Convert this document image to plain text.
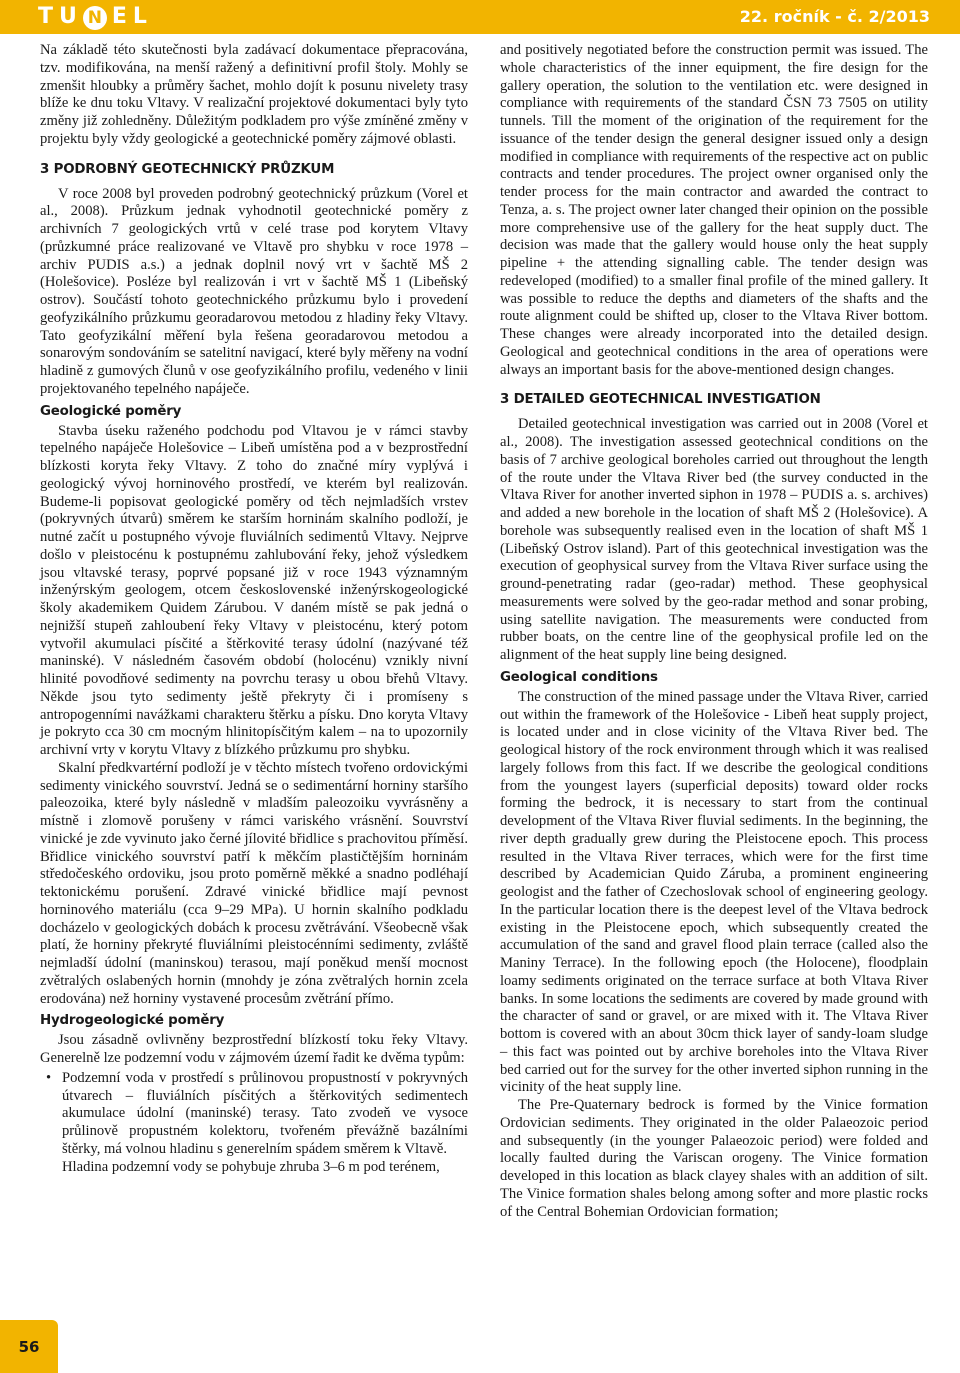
TU N EL	22. ročník - č. 2/2013

Na základě této skutečnosti byla zadávací dokumentace přepracována, tzv. modifikována, na menší ražený a definitivní profil štoly. Mohly se zmenšit hloubky a průměry šachet, mohlo dojít k posunu nivelety trasy blíže ke dnu toku Vltavy. V realizační projektové dokumentaci byly tyto změny již zohledněny. Důležitým podkladem pro výše zmíněné změny v projektu byly vždy geologické a geotechnické poměry zájmové oblasti.

3 PODROBNÝ GEOTECHNICKÝ PRŮZKUM

V roce 2008 byl proveden podrobný geotechnický průzkum (Vorel et al., 2008). Průzkum jednak vyhodnotil geotechnické poměry z archivních 7 geologických vrtů v celé trase pod korytem Vltavy (průzkumné práce realizované ve Vltavě pro shybku v roce 1978 – archiv PUDIS a.s.) a jednak doplnil nový vrt v šachtě MŠ 2 (Holešovice). Posléze byl realizován i vrt v šachtě MŠ 1 (Libeňský ostrov). Součástí tohoto geotechnického průzkumu bylo i provedení geofyzikálního průzkumu georadarovou metodou z hladiny řeky Vltavy. Tato geofyzikální měření byla řešena georadarovou metodou a sonarovým sondováním se satelitní navigací, které byly měřeny na vodní hladině z gumových člunů v ose geofyzikálního profilu, vedeného v linii projektovaného tepelného napáječe.

Geologické poměry

Stavba úseku raženého podchodu pod Vltavou je v rámci stavby tepelného napáječe Holešovice – Libeň umístěna pod a v bezprostřední blízkosti koryta řeky Vltavy. Z toho do značné míry vyplývá i geologický vývoj horninového prostředí, ve kterém byl realizován. Budeme-li popisovat geologické poměry od těch nejmladších vrstev (pokryvných útvarů) směrem ke starším horninám skalního podloží, je nutné začít u postupného vývoje fluviálních sedimentů Vltavy. Nejprve došlo v pleistocénu k postupnému zahlubování řeky, jehož výsledkem jsou vltavské terasy, poprvé popsané již v roce 1943 významným inženýrským geologem, otcem československé inženýrskogeologické školy akademikem Quidem Zárubou. V daném místě se pak jedná o nejnižší stupeň zahloubení řeky Vltavy v pleistocénu, který potom vytvořil akumulaci písčité a štěrkovité terasy údolní (nazývané též maninské). V následném časovém období (holocénu) vznikly nivní hlinité povodňové sedimenty na povrchu terasy u obou břehů Vltavy. Někde jsou tyto sedimenty ještě překryty či i promíseny s antropogenními navážkami charakteru štěrku a písku. Dno koryta Vltavy je pokryto cca 30 cm mocným hlinitopísčitým kalem – na to upozornily archivní vrty v korytu Vltavy z blízkého průzkumu pro shybku.

Skalní předkvartérní podloží je v těchto místech tvořeno ordovickými sedimenty vinického souvrství. Jedná se o sedimentární horniny staršího paleozoika, které byly následně v mladším paleozoiku vyvrásněny a místně i zlomově porušeny v rámci variského vrásnění. Souvrství vinické je zde vyvinuto jako černé jílovité břidlice s prachovitou příměsí. Břidlice vinického souvrství patří k měkčím plastičtějším horninám středočeského ordoviku, jsou proto poměrně měkké a snadno podléhají tektonickému porušení. Zdravé vinické břidlice mají pevnost horninového materiálu (cca 9–29 MPa). U hornin skalního podkladu docházelo v geologických dobách k procesu zvětrávání. Všeobecně však platí, že horniny překryté fluviálními pleistocénními sedimenty, zvláště nejmladší údolní (maninskou) terasou, mají poněkud menší mocnost zvětralých oslabených hornin (mnohdy je zóna zvětralých hornin zcela erodována) než horniny vystavené procesům zvětrání přímo.

Hydrogeologické poměry

Jsou zásadně ovlivněny bezprostřední blízkostí toku řeky Vltavy. Generelně lze podzemní vodu v zájmovém území řadit ke dvěma typům:

• Podzemní voda v prostředí s průlinovou propustností v pokryvných útvarech – fluviálních písčitých a štěrkovitých sedimentech akumulace údolní (maninské) terasy. Tato zvodeň ve vysoce průlinově propustném kolektoru, tvořeném převážně bazálními štěrky, má volnou hladinu s generelním spádem směrem k Vltavě.

Hladina podzemní vody se pohybuje zhruba 3–6 m pod terénem,

and positively negotiated before the construction permit was issued. The whole characteristics of the inner equipment, the fire design for the gallery operation, the solution to the ventilation etc. were designed in compliance with requirements of the standard ČSN 73 7505 on utility tunnels. Till the moment of the origination of the requirement for the issuance of the tender design the general designer issued only a design modified in compliance with requirements of the respective act on public contracts and tender procedures. The project owner organised only the tender process for the main contractor and awarded the contract to Tenza, a. s. The project owner later changed their opinion on the possible more comprehensive use of the gallery for the heat supply duct. The decision was made that the gallery would house only the heat supply pipeline + the attending signalling cable. The tender design was redeveloped (modified) to a smaller final profile of the mined gallery. It was possible to reduce the depths and diameters of the shafts and the route alignment could be shifted up, closer to the Vltava River bottom. These changes were already incorporated into the detailed design. Geological and geotechnical conditions in the area of operations were always an important basis for the above-mentioned design changes.

3 DETAILED GEOTECHNICAL INVESTIGATION

Detailed geotechnical investigation was carried out in 2008 (Vorel et al., 2008). The investigation assessed geotechnical conditions on the basis of 7 archive geological boreholes carried out throughout the length of the route under the Vltava River bed (the survey conducted in the Vltava River for another inverted siphon in 1978 – PUDIS a. s. archives) and added a new borehole in the location of shaft MŠ 2 (Holešovice). A borehole was subsequently realised even in the location of shaft MŠ 1 (Libeňský Ostrov island). Part of this geotechnical investigation was the execution of geophysical survey from the Vltava River surface using the ground-penetrating radar (geo-radar) method. These geophysical measurements were solved by the geo-radar method and sonar probing, using satellite navigation. The measurements were conducted from rubber boats, on the centre line of the geophysical profile led on the alignment of the heat supply line being designed.

Geological conditions

The construction of the mined passage under the Vltava River, carried out within the framework of the Holešovice - Libeň heat supply project, is located under and in close vicinity of the Vltava River bed. The geological history of the rock environment through which it was realised largely follows from this fact. If we describe the geological conditions from the youngest layers (superficial deposits) toward older rocks forming the bedrock, it is necessary to start from the continual development of the Vltava River fluvial sediments. In the beginning, the river depth gradually grew during the Pleistocene epoch. This process resulted in the Vltava River terraces, which were for the first time described by Academician Quido Záruba, a prominent engineering geologist and the father of Czechoslovak school of engineering geology. In the particular location there is the deepest level of the Vltava bedrock existing in the Pleistocene epoch, which subsequently created the accumulation of the sand and gravel flood plain terrace (called also the Maniny Terrace). In the following epoch (the Holocene), floodplain loamy sediments originated on the terrace surface at both Vltava River banks. In some locations the sediments are covered by made ground with the character of sand or gravel, or are mixed with it. The Vltava River bottom is covered with an about 30cm thick layer of sandy-loam sludge – this fact was pointed out by archive boreholes into the Vltava River bed carried out for the survey for the other inverted siphon running in the vicinity of the heat supply line.

The Pre-Quaternary bedrock is formed by the Vinice formation Ordovician sediments. They originated in the older Palaeozoic period and subsequently (in the younger Palaeozoic period) were folded and locally faulted during the Variscan orogeny. The Vinice formation developed in this location as black clayey shales with an addition of silt. The Vinice formation shales belong among softer and more plastic rocks of the Central Bohemian Ordovician formation;

56
